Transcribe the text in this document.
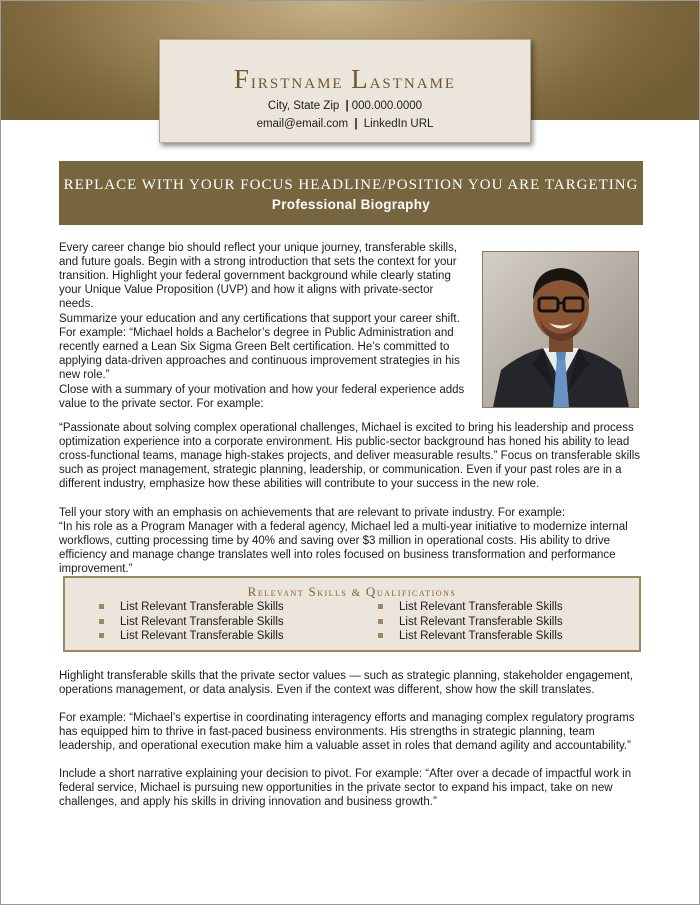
Firstname Lastname
City, State Zip | 000.000.0000
email@email.com | LinkedIn URL
REPLACE WITH YOUR FOCUS HEADLINE/POSITION YOU ARE TARGETING
Professional Biography

Every career change bio should reflect your unique journey, transferable skills, and future goals. Begin with a strong introduction that sets the context for your transition. Highlight your federal government background while clearly stating your Unique Value Proposition (UVP) and how it aligns with private-sector needs.

Summarize your education and any certifications that support your career shift. For example: “Michael holds a Bachelor’s degree in Public Administration and recently earned a Lean Six Sigma Green Belt certification. He’s committed to applying data-driven approaches and continuous improvement strategies in his new role.”

Close with a summary of your motivation and how your federal experience adds value to the private sector. For example:

“Passionate about solving complex operational challenges, Michael is excited to bring his leadership and process optimization experience into a corporate environment. His public-sector background has honed his ability to lead cross-functional teams, manage high-stakes projects, and deliver measurable results.” Focus on transferable skills such as project management, strategic planning, leadership, or communication. Even if your past roles are in a different industry, emphasize how these abilities will contribute to your success in the new role.

Tell your story with an emphasis on achievements that are relevant to private industry. For example:

“In his role as a Program Manager with a federal agency, Michael led a multi-year initiative to modernize internal workflows, cutting processing time by 40% and saving over $3 million in operational costs. His ability to drive efficiency and manage change translates well into roles focused on business transformation and performance improvement.”

Relevant Skills & Qualifications
List Relevant Transferable Skills
List Relevant Transferable Skills
List Relevant Transferable Skills
List Relevant Transferable Skills
List Relevant Transferable Skills
List Relevant Transferable Skills

Highlight transferable skills that the private sector values — such as strategic planning, stakeholder engagement, operations management, or data analysis. Even if the context was different, show how the skill translates.

For example: “Michael’s expertise in coordinating interagency efforts and managing complex regulatory programs has equipped him to thrive in fast-paced business environments. His strengths in strategic planning, team leadership, and operational execution make him a valuable asset in roles that demand agility and accountability.”

Include a short narrative explaining your decision to pivot. For example: “After over a decade of impactful work in federal service, Michael is pursuing new opportunities in the private sector to expand his impact, take on new challenges, and apply his skills in driving innovation and business growth.”
